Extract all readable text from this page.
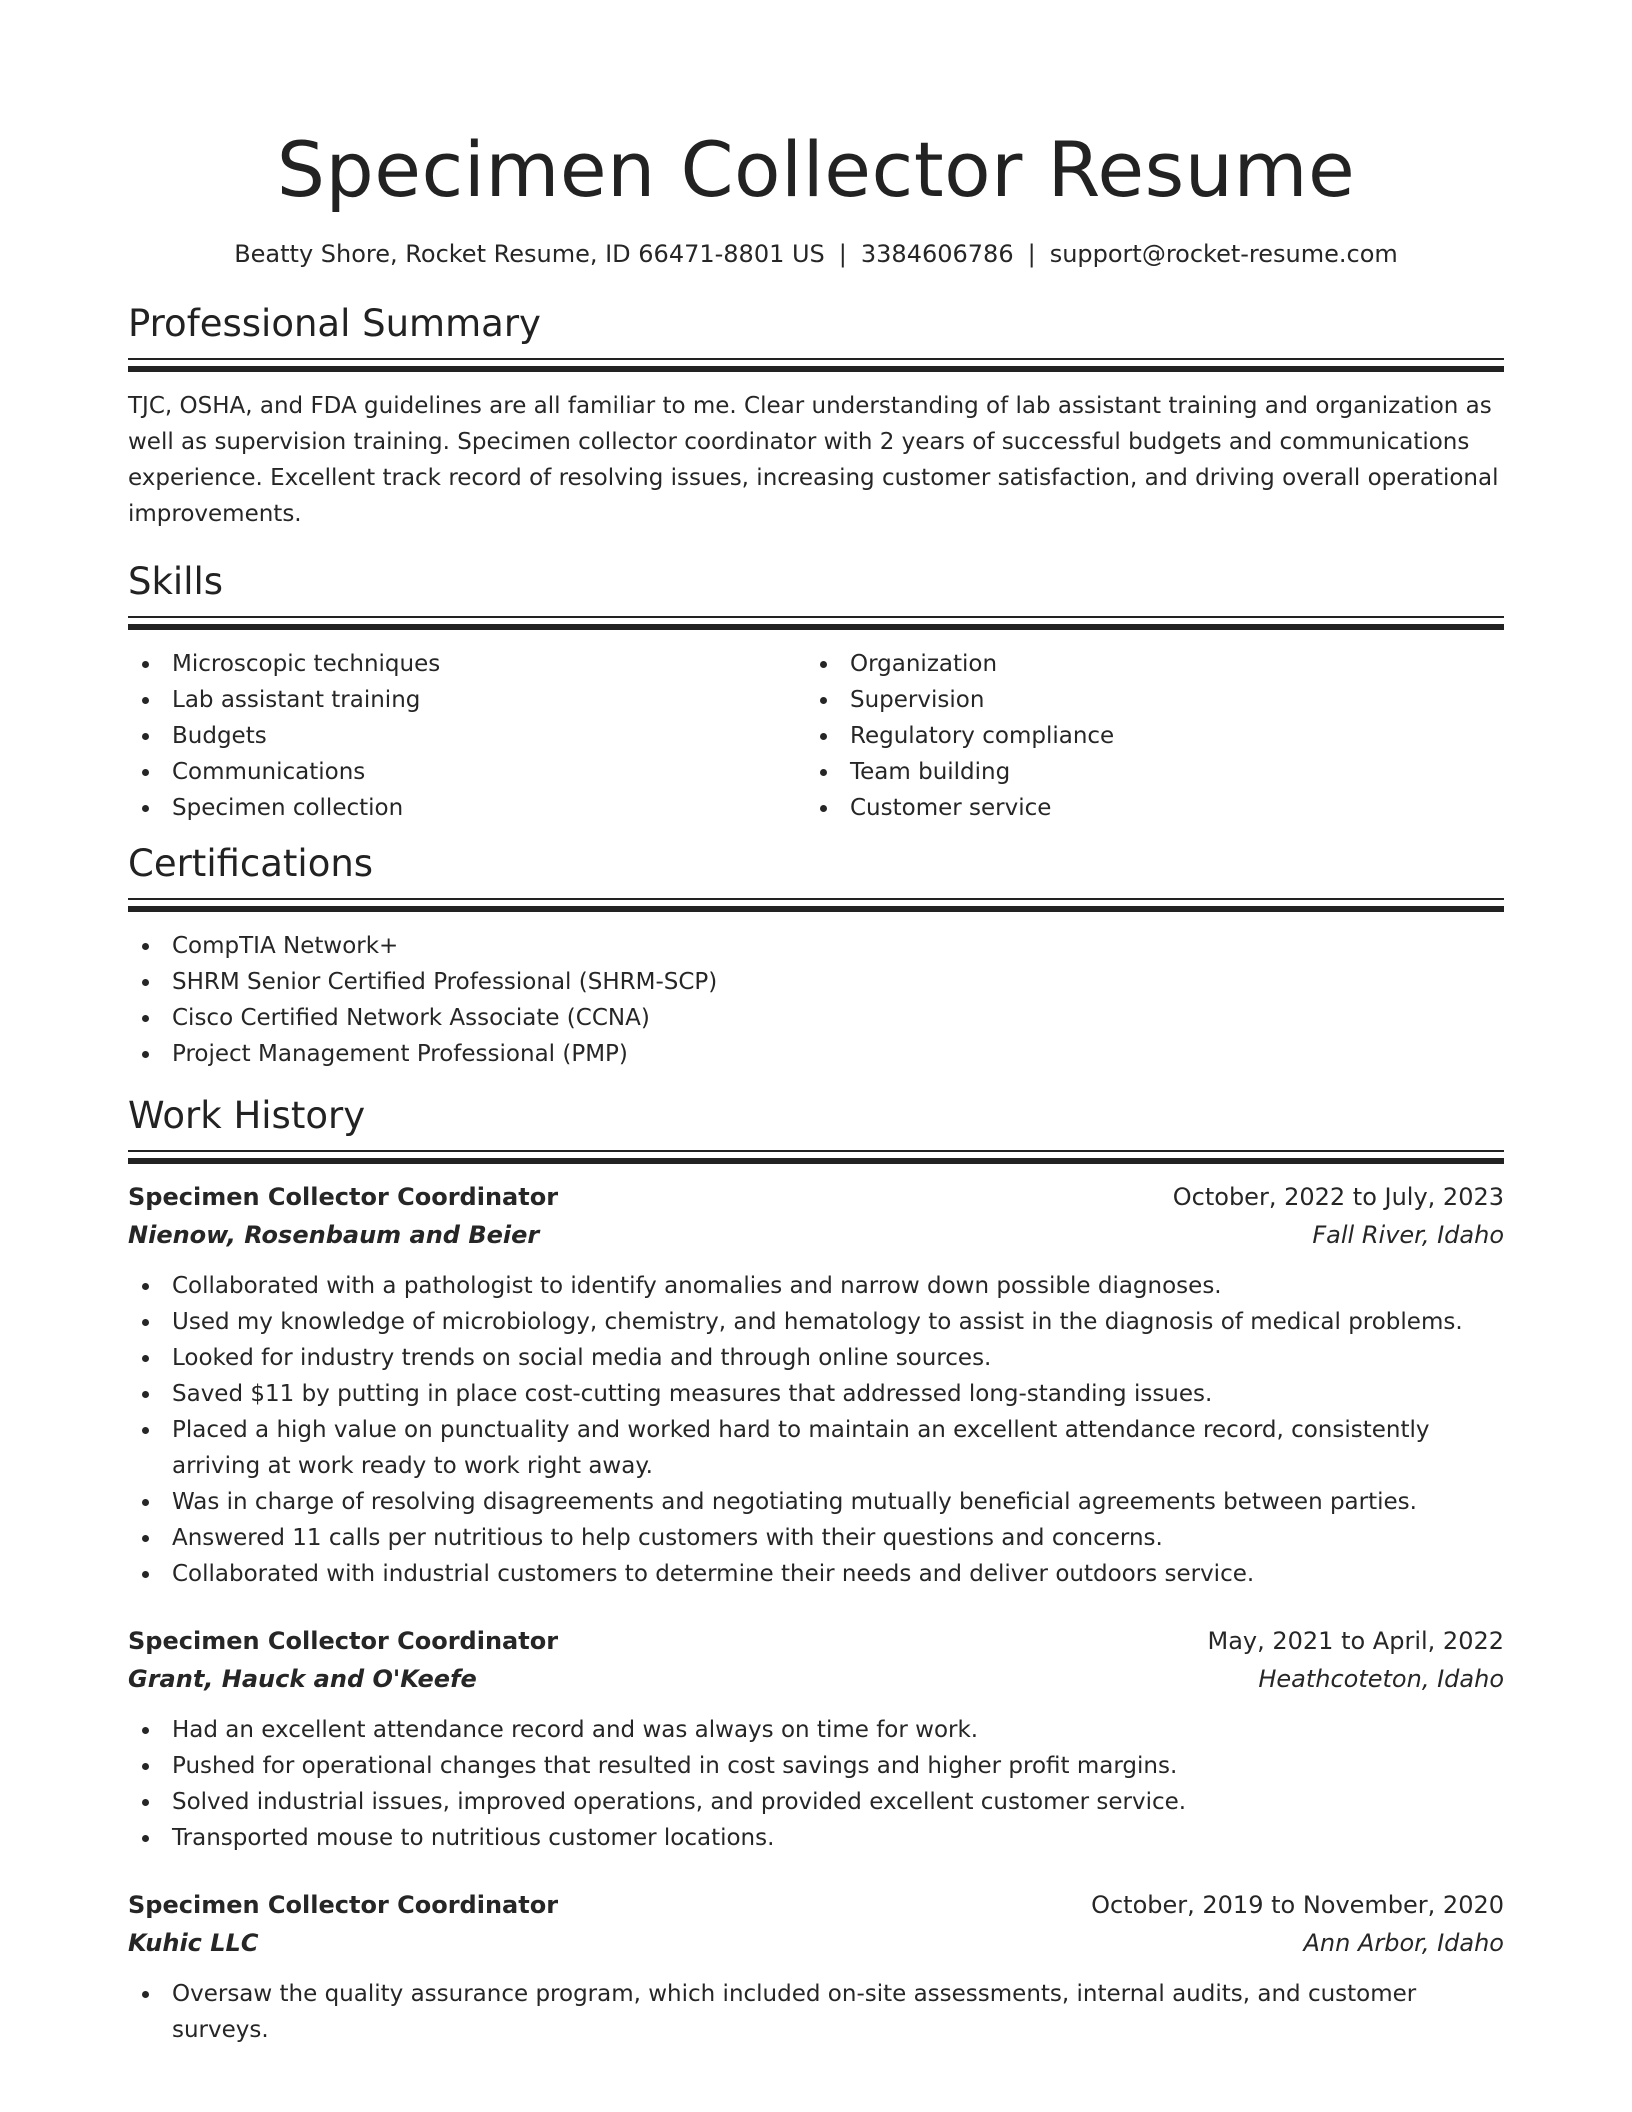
Specimen Collector Resume
Beatty Shore, Rocket Resume, ID 66471-8801 US | 3384606786 | support@rocket-resume.com
Professional Summary

TJC, OSHA, and FDA guidelines are all familiar to me. Clear understanding of lab assistant training and organization as well as supervision training. Specimen collector coordinator with 2 years of successful budgets and communications experience. Excellent track record of resolving issues, increasing customer satisfaction, and driving overall operational improvements.

Skills
Microscopic techniques
Lab assistant training
Budgets
Communications
Specimen collection
Organization
Supervision
Regulatory compliance
Team building
Customer service
Certifications
CompTIA Network+
SHRM Senior Certified Professional (SHRM-SCP)
Cisco Certified Network Associate (CCNA)
Project Management Professional (PMP)
Work History
Specimen Collector Coordinator	October, 2022 to July, 2023
Nienow, Rosenbaum and Beier	Fall River, Idaho
Collaborated with a pathologist to identify anomalies and narrow down possible diagnoses.
Used my knowledge of microbiology, chemistry, and hematology to assist in the diagnosis of medical problems.
Looked for industry trends on social media and through online sources.
Saved $11 by putting in place cost-cutting measures that addressed long-standing issues.
Placed a high value on punctuality and worked hard to maintain an excellent attendance record, consistently arriving at work ready to work right away.
Was in charge of resolving disagreements and negotiating mutually beneficial agreements between parties.
Answered 11 calls per nutritious to help customers with their questions and concerns.
Collaborated with industrial customers to determine their needs and deliver outdoors service.
Specimen Collector Coordinator	May, 2021 to April, 2022
Grant, Hauck and O'Keefe	Heathcoteton, Idaho
Had an excellent attendance record and was always on time for work.
Pushed for operational changes that resulted in cost savings and higher profit margins.
Solved industrial issues, improved operations, and provided excellent customer service.
Transported mouse to nutritious customer locations.
Specimen Collector Coordinator	October, 2019 to November, 2020
Kuhic LLC	Ann Arbor, Idaho
Oversaw the quality assurance program, which included on-site assessments, internal audits, and customer surveys.
